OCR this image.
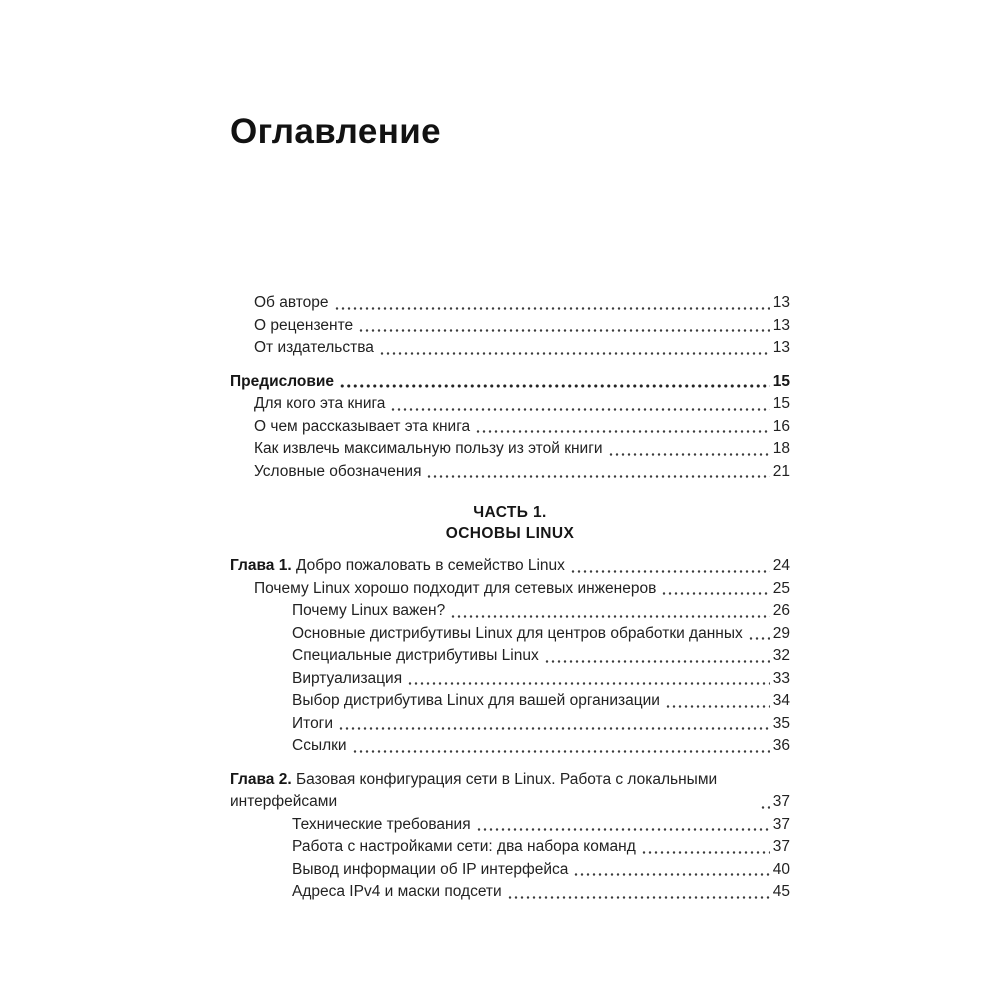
Оглавление
Об авторе	13
О рецензенте	13
От издательства	13
Предисловие	15
Для кого эта книга	15
О чем рассказывает эта книга	16
Как извлечь максимальную пользу из этой книги	18
Условные обозначения	21
ЧАСТЬ 1.
ОСНОВЫ LINUX
Глава 1. Добро пожаловать в семейство Linux	24
Почему Linux хорошо подходит для сетевых инженеров	25
Почему Linux важен?	26
Основные дистрибутивы Linux для центров обработки данных 29
Специальные дистрибутивы Linux	32
Виртуализация	33
Выбор дистрибутива Linux для вашей организации	34
Итоги	35
Ссылки	36
Глава 2. Базовая конфигурация сети в Linux. Работа с локальными интерфейсами	37
Технические требования	37
Работа с настройками сети: два набора команд	37
Вывод информации об IP интерфейса	40
Адреса IPv4 и маски подсети	45
